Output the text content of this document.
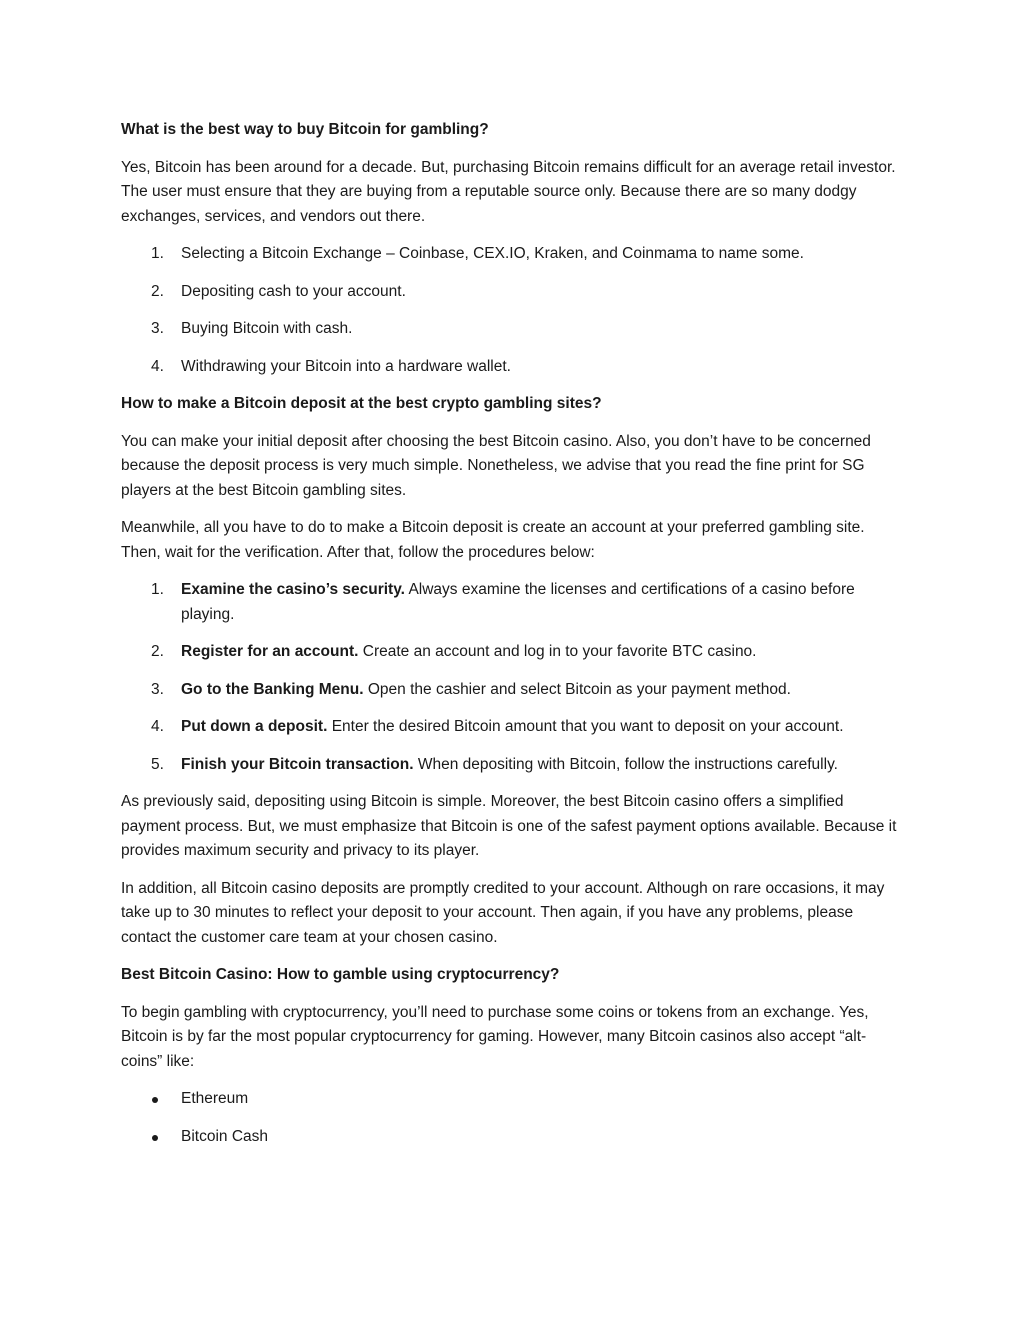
What is the best way to buy Bitcoin for gambling?
Yes, Bitcoin has been around for a decade. But, purchasing Bitcoin remains difficult for an average retail investor. The user must ensure that they are buying from a reputable source only. Because there are so many dodgy exchanges, services, and vendors out there.
1.	Selecting a Bitcoin Exchange – Coinbase, CEX.IO, Kraken, and Coinmama to name some.
2.	Depositing cash to your account.
3.	Buying Bitcoin with cash.
4.	Withdrawing your Bitcoin into a hardware wallet.
How to make a Bitcoin deposit at the best crypto gambling sites?
You can make your initial deposit after choosing the best Bitcoin casino. Also, you don’t have to be concerned because the deposit process is very much simple. Nonetheless, we advise that you read the fine print for SG players at the best Bitcoin gambling sites.
Meanwhile, all you have to do to make a Bitcoin deposit is create an account at your preferred gambling site. Then, wait for the verification. After that, follow the procedures below:
1.	Examine the casino’s security. Always examine the licenses and certifications of a casino before playing.
2.	Register for an account. Create an account and log in to your favorite BTC casino.
3.	Go to the Banking Menu. Open the cashier and select Bitcoin as your payment method.
4.	Put down a deposit. Enter the desired Bitcoin amount that you want to deposit on your account.
5.	Finish your Bitcoin transaction. When depositing with Bitcoin, follow the instructions carefully.
As previously said, depositing using Bitcoin is simple. Moreover, the best Bitcoin casino offers a simplified payment process. But, we must emphasize that Bitcoin is one of the safest payment options available. Because it provides maximum security and privacy to its player.
In addition, all Bitcoin casino deposits are promptly credited to your account. Although on rare occasions, it may take up to 30 minutes to reflect your deposit to your account. Then again, if you have any problems, please contact the customer care team at your chosen casino.
Best Bitcoin Casino: How to gamble using cryptocurrency?
To begin gambling with cryptocurrency, you’ll need to purchase some coins or tokens from an exchange. Yes, Bitcoin is by far the most popular cryptocurrency for gaming. However, many Bitcoin casinos also accept “alt-coins” like:
Ethereum
Bitcoin Cash
